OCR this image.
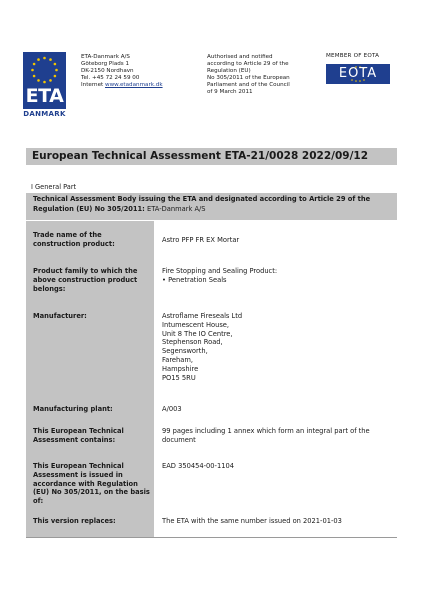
ETA
DANMARK
ETA-Danmark A/S
Göteborg Plads 1
DK-2150 Nordhavn
Tel. +45 72 24 59 00
Internet www.etadanmark.dk
Authorised and notified
according to Article 29 of the
Regulation (EU)
No 305/2011 of the European
Parliament and of the Council
of 9 March 2011
MEMBER OF EOTA
EOTA
European Technical Assessment ETA-21/0028 2022/09/12
I General Part
Technical Assessment Body issuing the ETA and designated according to Article 29 of the Regulation (EU) No 305/2011: ETA-Danmark A/S
Trade name of the construction product:	Astro PFP FR EX Mortar
Product family to which the above construction product belongs:
Fire Stopping and Sealing Product:
• Penetration Seals
Manufacturer:	Astroflame Fireseals Ltd
Intumescent House,
Unit 8 The IO Centre,
Stephenson Road,
Segensworth,
Fareham,
Hampshire
PO15 5RU
Manufacturing plant:	A/003
This European Technical Assessment contains:
99 pages including 1 annex which form an integral part of the document
This European Technical Assessment is issued in accordance with Regulation (EU) No 305/2011, on the basis of:
EAD 350454-00-1104
This version replaces:	The ETA with the same number issued on 2021-01-03
